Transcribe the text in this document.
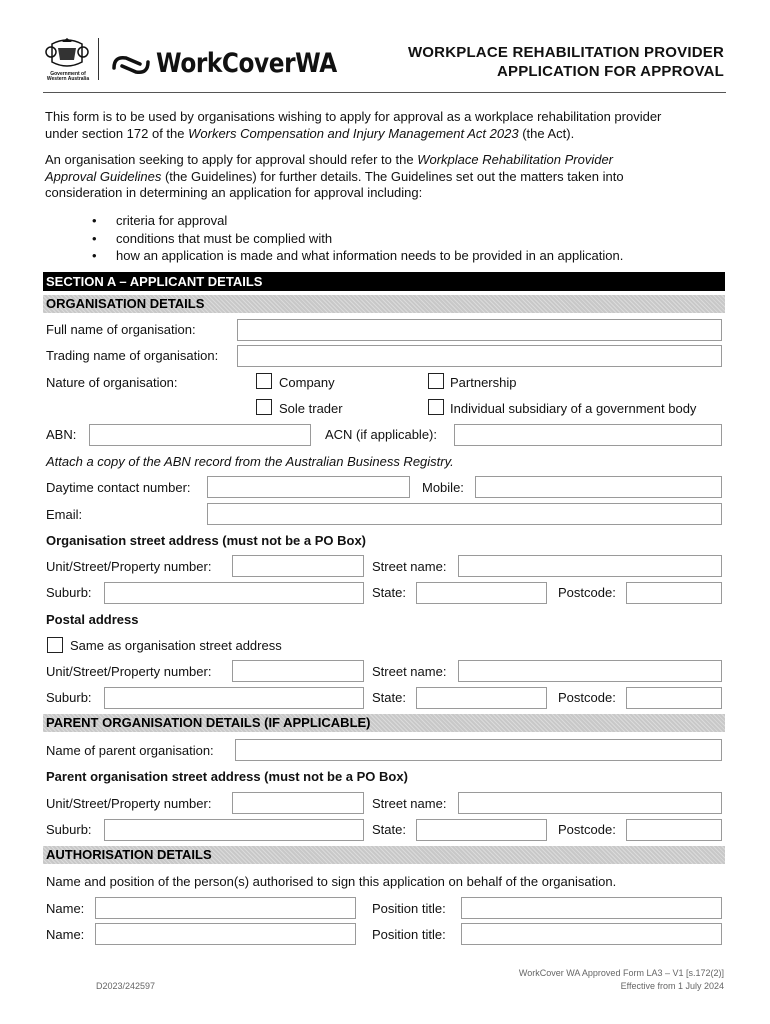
Government of Western Australia WorkCoverWA	WORKPLACE REHABILITATION PROVIDER
APPLICATION FOR APPROVAL
This form is to be used by organisations wishing to apply for approval as a workplace rehabilitation provider
under section 172 of the Workers Compensation and Injury Management Act 2023 (the Act).
An organisation seeking to apply for approval should refer to the Workplace Rehabilitation Provider
Approval Guidelines (the Guidelines) for further details. The Guidelines set out the matters taken into
consideration in determining an application for approval including:
• criteria for approval
• conditions that must be complied with
• how an application is made and what information needs to be provided in an application.
SECTION A – APPLICANT DETAILS
ORGANISATION DETAILS
Full name of organisation:
Trading name of organisation:
Nature of organisation:	Company	Partnership
Sole trader	Individual subsidiary of a government body
ABN:	ACN (if applicable):
Attach a copy of the ABN record from the Australian Business Registry.
Daytime contact number:	Mobile:
Email:
Organisation street address (must not be a PO Box)
Unit/Street/Property number:	Street name:
Suburb:	State:	Postcode:
Postal address
Same as organisation street address
Unit/Street/Property number:	Street name:
Suburb:	State:	Postcode:
PARENT ORGANISATION DETAILS (IF APPLICABLE)
Name of parent organisation:
Parent organisation street address (must not be a PO Box)
Unit/Street/Property number:	Street name:
Suburb:	State:	Postcode:
AUTHORISATION DETAILS
Name and position of the person(s) authorised to sign this application on behalf of the organisation.
Name:	Position title:
Name:	Position title:
D2023/242597
WorkCover WA Approved Form LA3 – V1 [s.172(2)]
Effective from 1 July 2024
